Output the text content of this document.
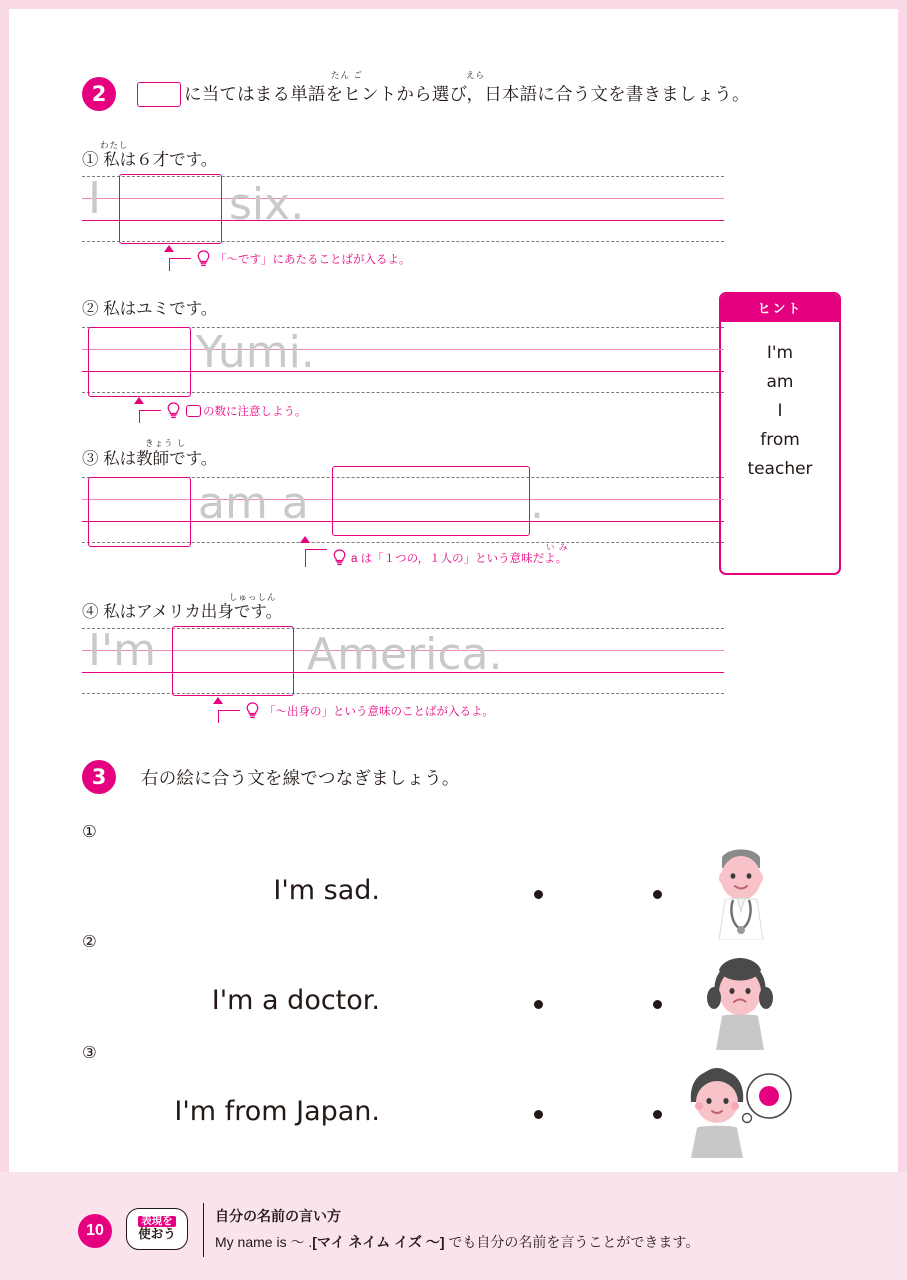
2	に当てはまる単語をヒントから選び，日本語に合う文を書きましょう。
たん ご	えら
わたし
① 私は６才です。
I	six.
「～です」にあたることばが入るよ。
ヒント
I'm
am
I
from
teacher
② 私はユミです。
Yumi.
の数に注意しよう。
きょう し
③ 私は教師です。
am a	.
a は「１つの，１人の」という意味だよ。
い み
しゅっしん
④ 私はアメリカ出身です。
I'm	America.
「～出身の」という意味のことばが入るよ。
3	右の絵に合う文を線でつなぎましょう。
①
I'm sad.
②
I'm a doctor.
③
I'm from Japan.
10
表現を
使おう
自分の名前の言い方
My name is ～ .[マイ ネイム イズ ～] でも自分の名前を言うことができます。
